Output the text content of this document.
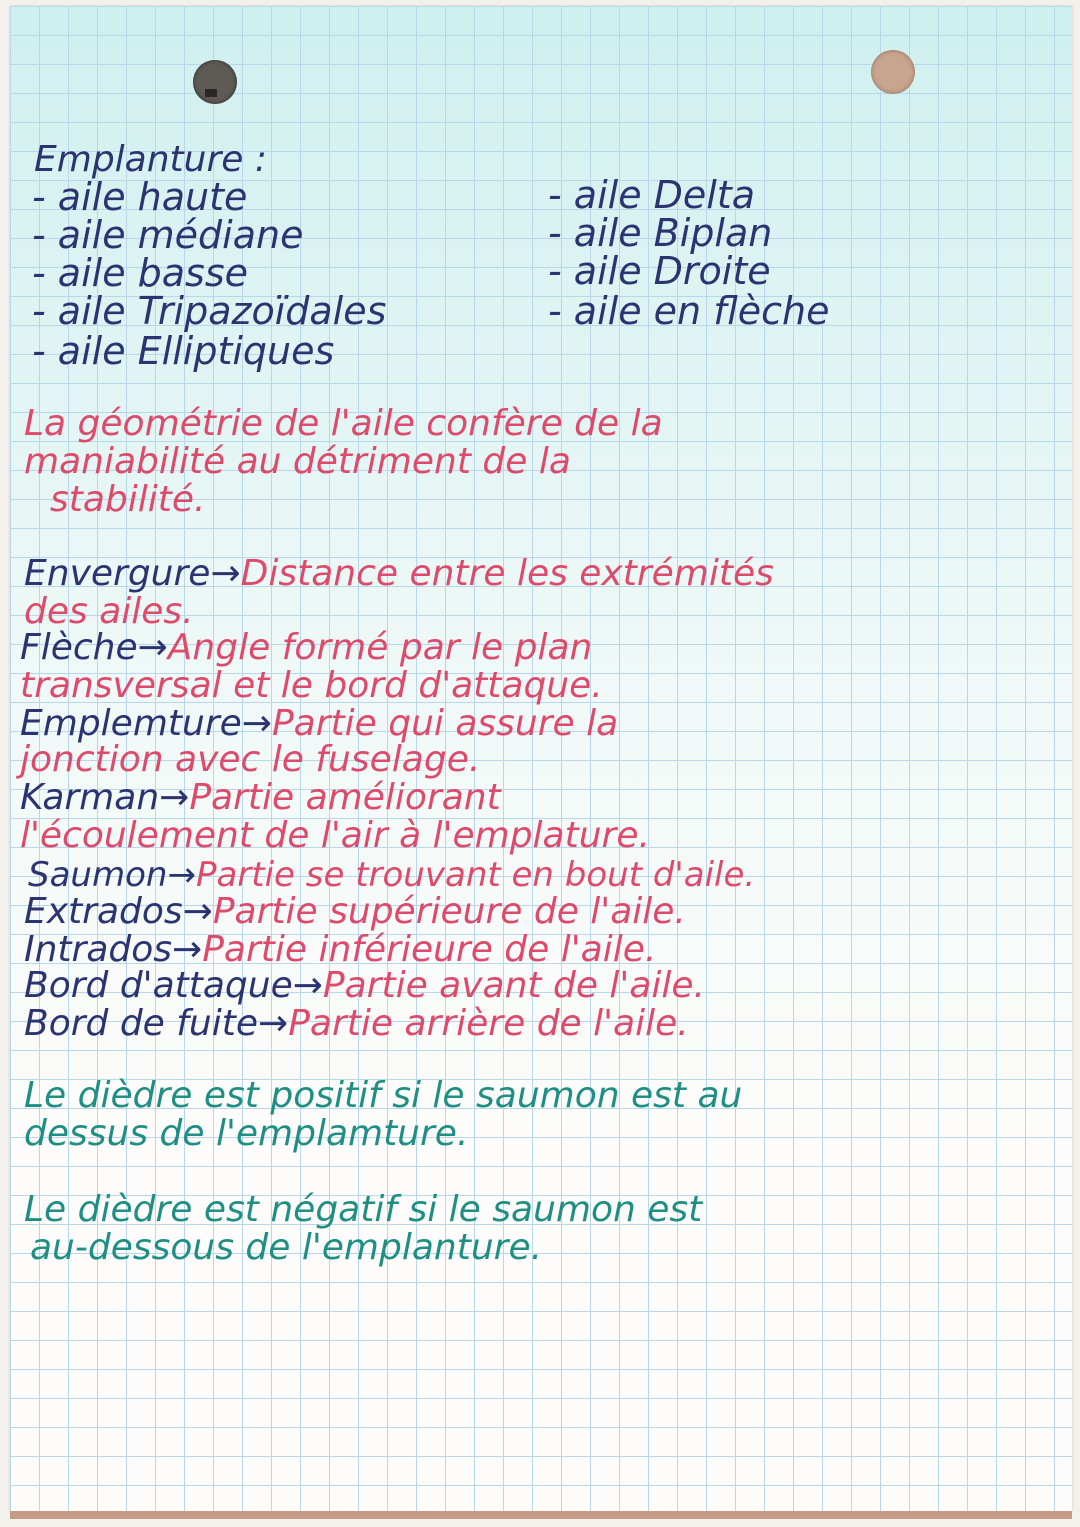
Emplanture :
- aile haute
- aile médiane
- aile basse
- aile Tripazoïdales
- aile Elliptiques
- aile Delta
- aile Biplan
- aile Droite
- aile en flèche
La géométrie de l'aile confère de la
maniabilité au détriment de la
stabilité.
Envergure→Distance entre les extrémités
des ailes.
Flèche→Angle formé par le plan
transversal et le bord d'attaque.
Emplemture→Partie qui assure la
jonction avec le fuselage.
Karman→Partie améliorant
l'écoulement de l'air à l'emplature.
Saumon→Partie se trouvant en bout d'aile.
Extrados→Partie supérieure de l'aile.
Intrados→Partie inférieure de l'aile.
Bord d'attaque→Partie avant de l'aile.
Bord de fuite→Partie arrière de l'aile.
Le dièdre est positif si le saumon est au
dessus de l'emplamture.
Le dièdre est négatif si le saumon est
au-dessous de l'emplanture.
